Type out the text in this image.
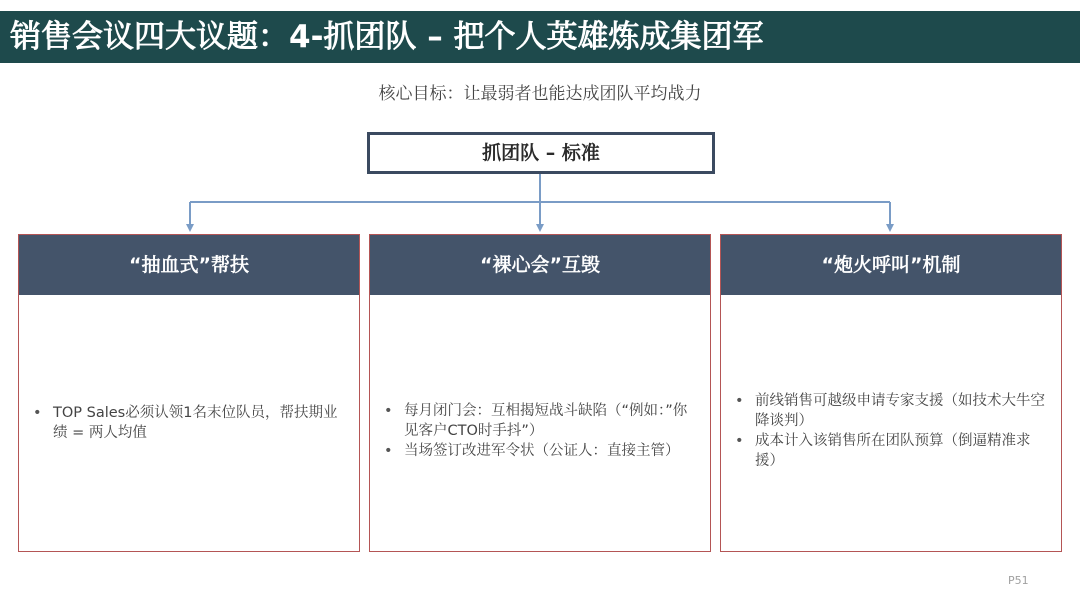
销售会议四大议题：4-抓团队 – 把个人英雄炼成集团军
核心目标：让最弱者也能达成团队平均战力
抓团队 – 标准
“抽血式”帮扶
• TOP Sales必须认领1名末位队员，帮扶期业绩 = 两人均值
“裸心会”互毁
• 每月闭门会：互相揭短战斗缺陷（“例如：”你见客户CTO时手抖”）
• 当场签订改进军令状（公证人：直接主管）
“炮火呼叫”机制
• 前线销售可越级申请专家支援（如技术大牛空降谈判）
• 成本计入该销售所在团队预算（倒逼精准求援）
P51
